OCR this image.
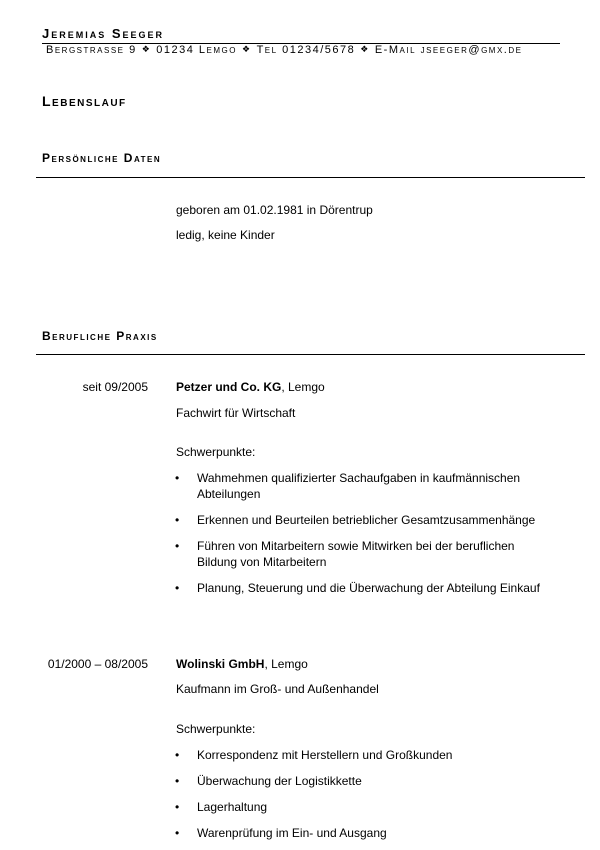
Jeremias Seeger
Bergstrasse 9 ❖ 01234 Lemgo ❖ Tel 01234/5678 ❖ E-Mail jseeger@gmx.de
Lebenslauf
Persönliche Daten
geboren am 01.02.1981 in Dörentrup
ledig, keine Kinder
Berufliche Praxis
seit 09/2005 Petzer und Co. KG, Lemgo
Fachwirt für Wirtschaft
Schwerpunkte:
• Wahmehmen qualifizierter Sachaufgaben in kaufmännischen Abteilungen
• Erkennen und Beurteilen betrieblicher Gesamtzusammenhänge
• Führen von Mitarbeitern sowie Mitwirken bei der beruflichen Bildung von Mitarbeitern
• Planung, Steuerung und die Überwachung der Abteilung Einkauf
01/2000 – 08/2005 Wolinski GmbH, Lemgo
Kaufmann im Groß- und Außenhandel
Schwerpunkte:
• Korrespondenz mit Herstellern und Großkunden
• Überwachung der Logistikkette
• Lagerhaltung
• Warenprüfung im Ein- und Ausgang
